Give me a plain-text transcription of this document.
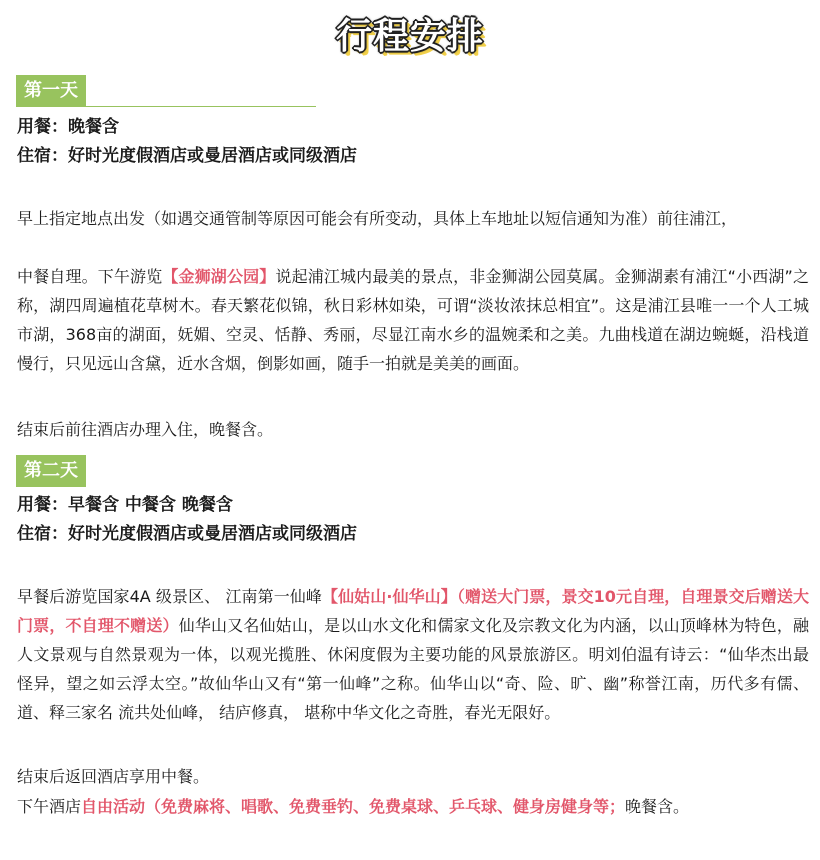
行程安排
第一天
用餐：晚餐含
住宿：好时光度假酒店或曼居酒店或同级酒店
早上指定地点出发（如遇交通管制等原因可能会有所变动，具体上车地址以短信通知为准）前往浦江，
中餐自理。下午游览【金狮湖公园】说起浦江城内最美的景点，非金狮湖公园莫属。金狮湖素有浦江“小西湖”之称，湖四周遍植花草树木。春天繁花似锦，秋日彩林如染，可谓“淡妆浓抹总相宜”。这是浦江县唯一一个人工城市湖，368亩的湖面，妩媚、空灵、恬静、秀丽，尽显江南水乡的温婉柔和之美。九曲栈道在湖边蜿蜒，沿栈道慢行，只见远山含黛，近水含烟，倒影如画，随手一拍就是美美的画面。
结束后前往酒店办理入住，晚餐含。
第二天
用餐：早餐含 中餐含 晚餐含
住宿：好时光度假酒店或曼居酒店或同级酒店
早餐后游览国家4A 级景区、 江南第一仙峰【仙姑山·仙华山】（赠送大门票，景交10元自理，自理景交后赠送大门票，不自理不赠送）仙华山又名仙姑山，是以山水文化和儒家文化及宗教文化为内涵，以山顶峰林为特色，融人文景观与自然景观为一体，以观光揽胜、休闲度假为主要功能的风景旅游区。明刘伯温有诗云：“仙华杰出最怪异，望之如云浮太空。”故仙华山又有“第一仙峰”之称。仙华山以“奇、险、旷、幽”称誉江南，历代多有儒、道、释三家名 流共处仙峰， 结庐修真， 堪称中华文化之奇胜，春光无限好。
结束后返回酒店享用中餐。
下午酒店自由活动（免费麻将、唱歌、免费垂钓、免费桌球、乒乓球、健身房健身等；晚餐含。
